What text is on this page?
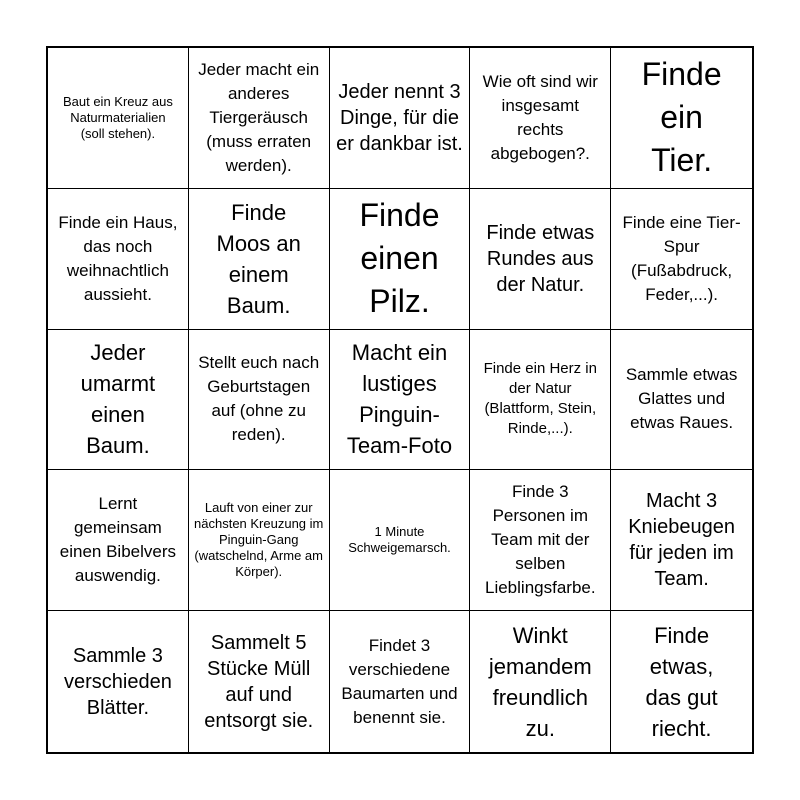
Baut ein Kreuz aus Naturmaterialien (soll stehen).
Jeder macht ein anderes Tiergeräusch (muss erraten werden).
Jeder nennt 3 Dinge, für die er dankbar ist.
Wie oft sind wir insgesamt rechts abgebogen?.
Finde ein Tier.
Finde ein Haus, das noch weihnachtlich aussieht.
Finde Moos an einem Baum.
Finde einen Pilz.
Finde etwas Rundes aus der Natur.
Finde eine Tier-Spur (Fußabdruck, Feder,...).
Jeder umarmt einen Baum.
Stellt euch nach Geburtstagen auf (ohne zu reden).
Macht ein lustiges Pinguin-Team-Foto
Finde ein Herz in der Natur (Blattform, Stein, Rinde,...).
Sammle etwas Glattes und etwas Raues.
Lernt gemeinsam einen Bibelvers auswendig.
Lauft von einer zur nächsten Kreuzung im Pinguin-Gang (watschelnd, Arme am Körper).
1 Minute Schweigemarsch.
Finde 3 Personen im Team mit der selben Lieblingsfarbe.
Macht 3 Kniebeugen für jeden im Team.
Sammle 3 verschieden Blätter.
Sammelt 5 Stücke Müll auf und entsorgt sie.
Findet 3 verschiedene Baumarten und benennt sie.
Winkt jemandem freundlich zu.
Finde etwas, das gut riecht.
